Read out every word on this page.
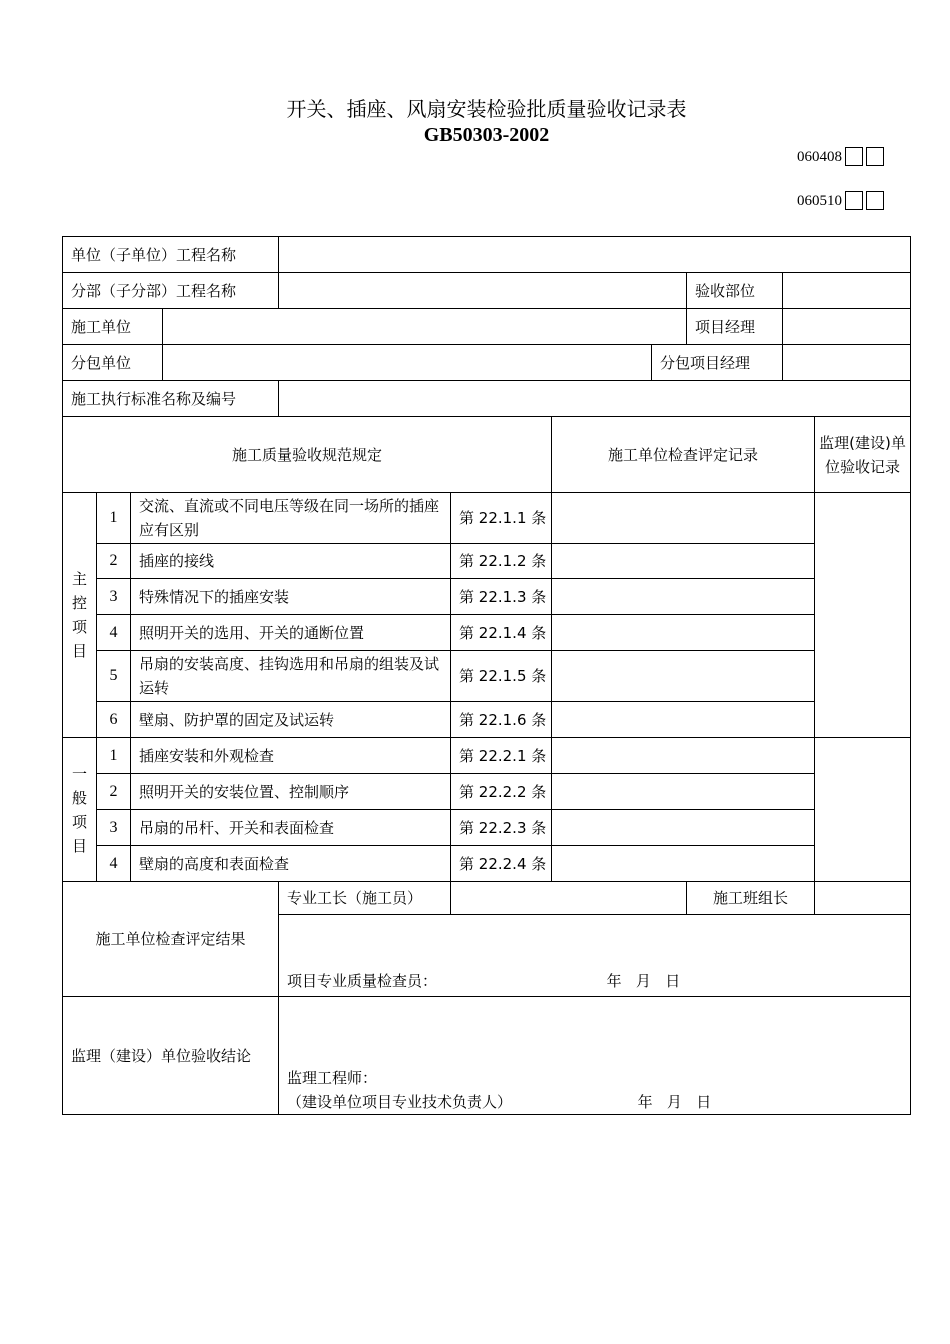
开关、插座、风扇安装检验批质量验收记录表
GB50303-2002
060408
060510
单位（子单位）工程名称										
分部（子分部）工程名称								验收部位		
施工单位								项目经理		
分包单位							分包项目经理			
施工执行标准名称及编号										
施工质量验收规范规定						施工单位检查评定记录				监理(建设)单位验收记录
主
控
项
目	1	交流、直流或不同电压等级在同一场所的插座应有区别			第 22.1.1 条					
	2	插座的接线			第 22.1.2 条					
	3	特殊情况下的插座安装			第 22.1.3 条					
	4	照明开关的选用、开关的通断位置			第 22.1.4 条					
	5	吊扇的安装高度、挂钩选用和吊扇的组装及试运转			第 22.1.5 条					
	6	壁扇、防护罩的固定及试运转			第 22.1.6 条					
一
般
项
目	1	插座安装和外观检查			第 22.2.1 条					
	2	照明开关的安装位置、控制顺序			第 22.2.2 条					
	3	吊扇的吊杆、开关和表面检查			第 22.2.3 条					
	4	壁扇的高度和表面检查			第 22.2.4 条					
施工单位检查评定结果				专业工长（施工员）				施工班组长		
				项目专业质量检查员： 年   月   日						
监理（建设）单位验收结论				监理工程师：
（建设单位项目专业技术负责人） 年   月   日						
